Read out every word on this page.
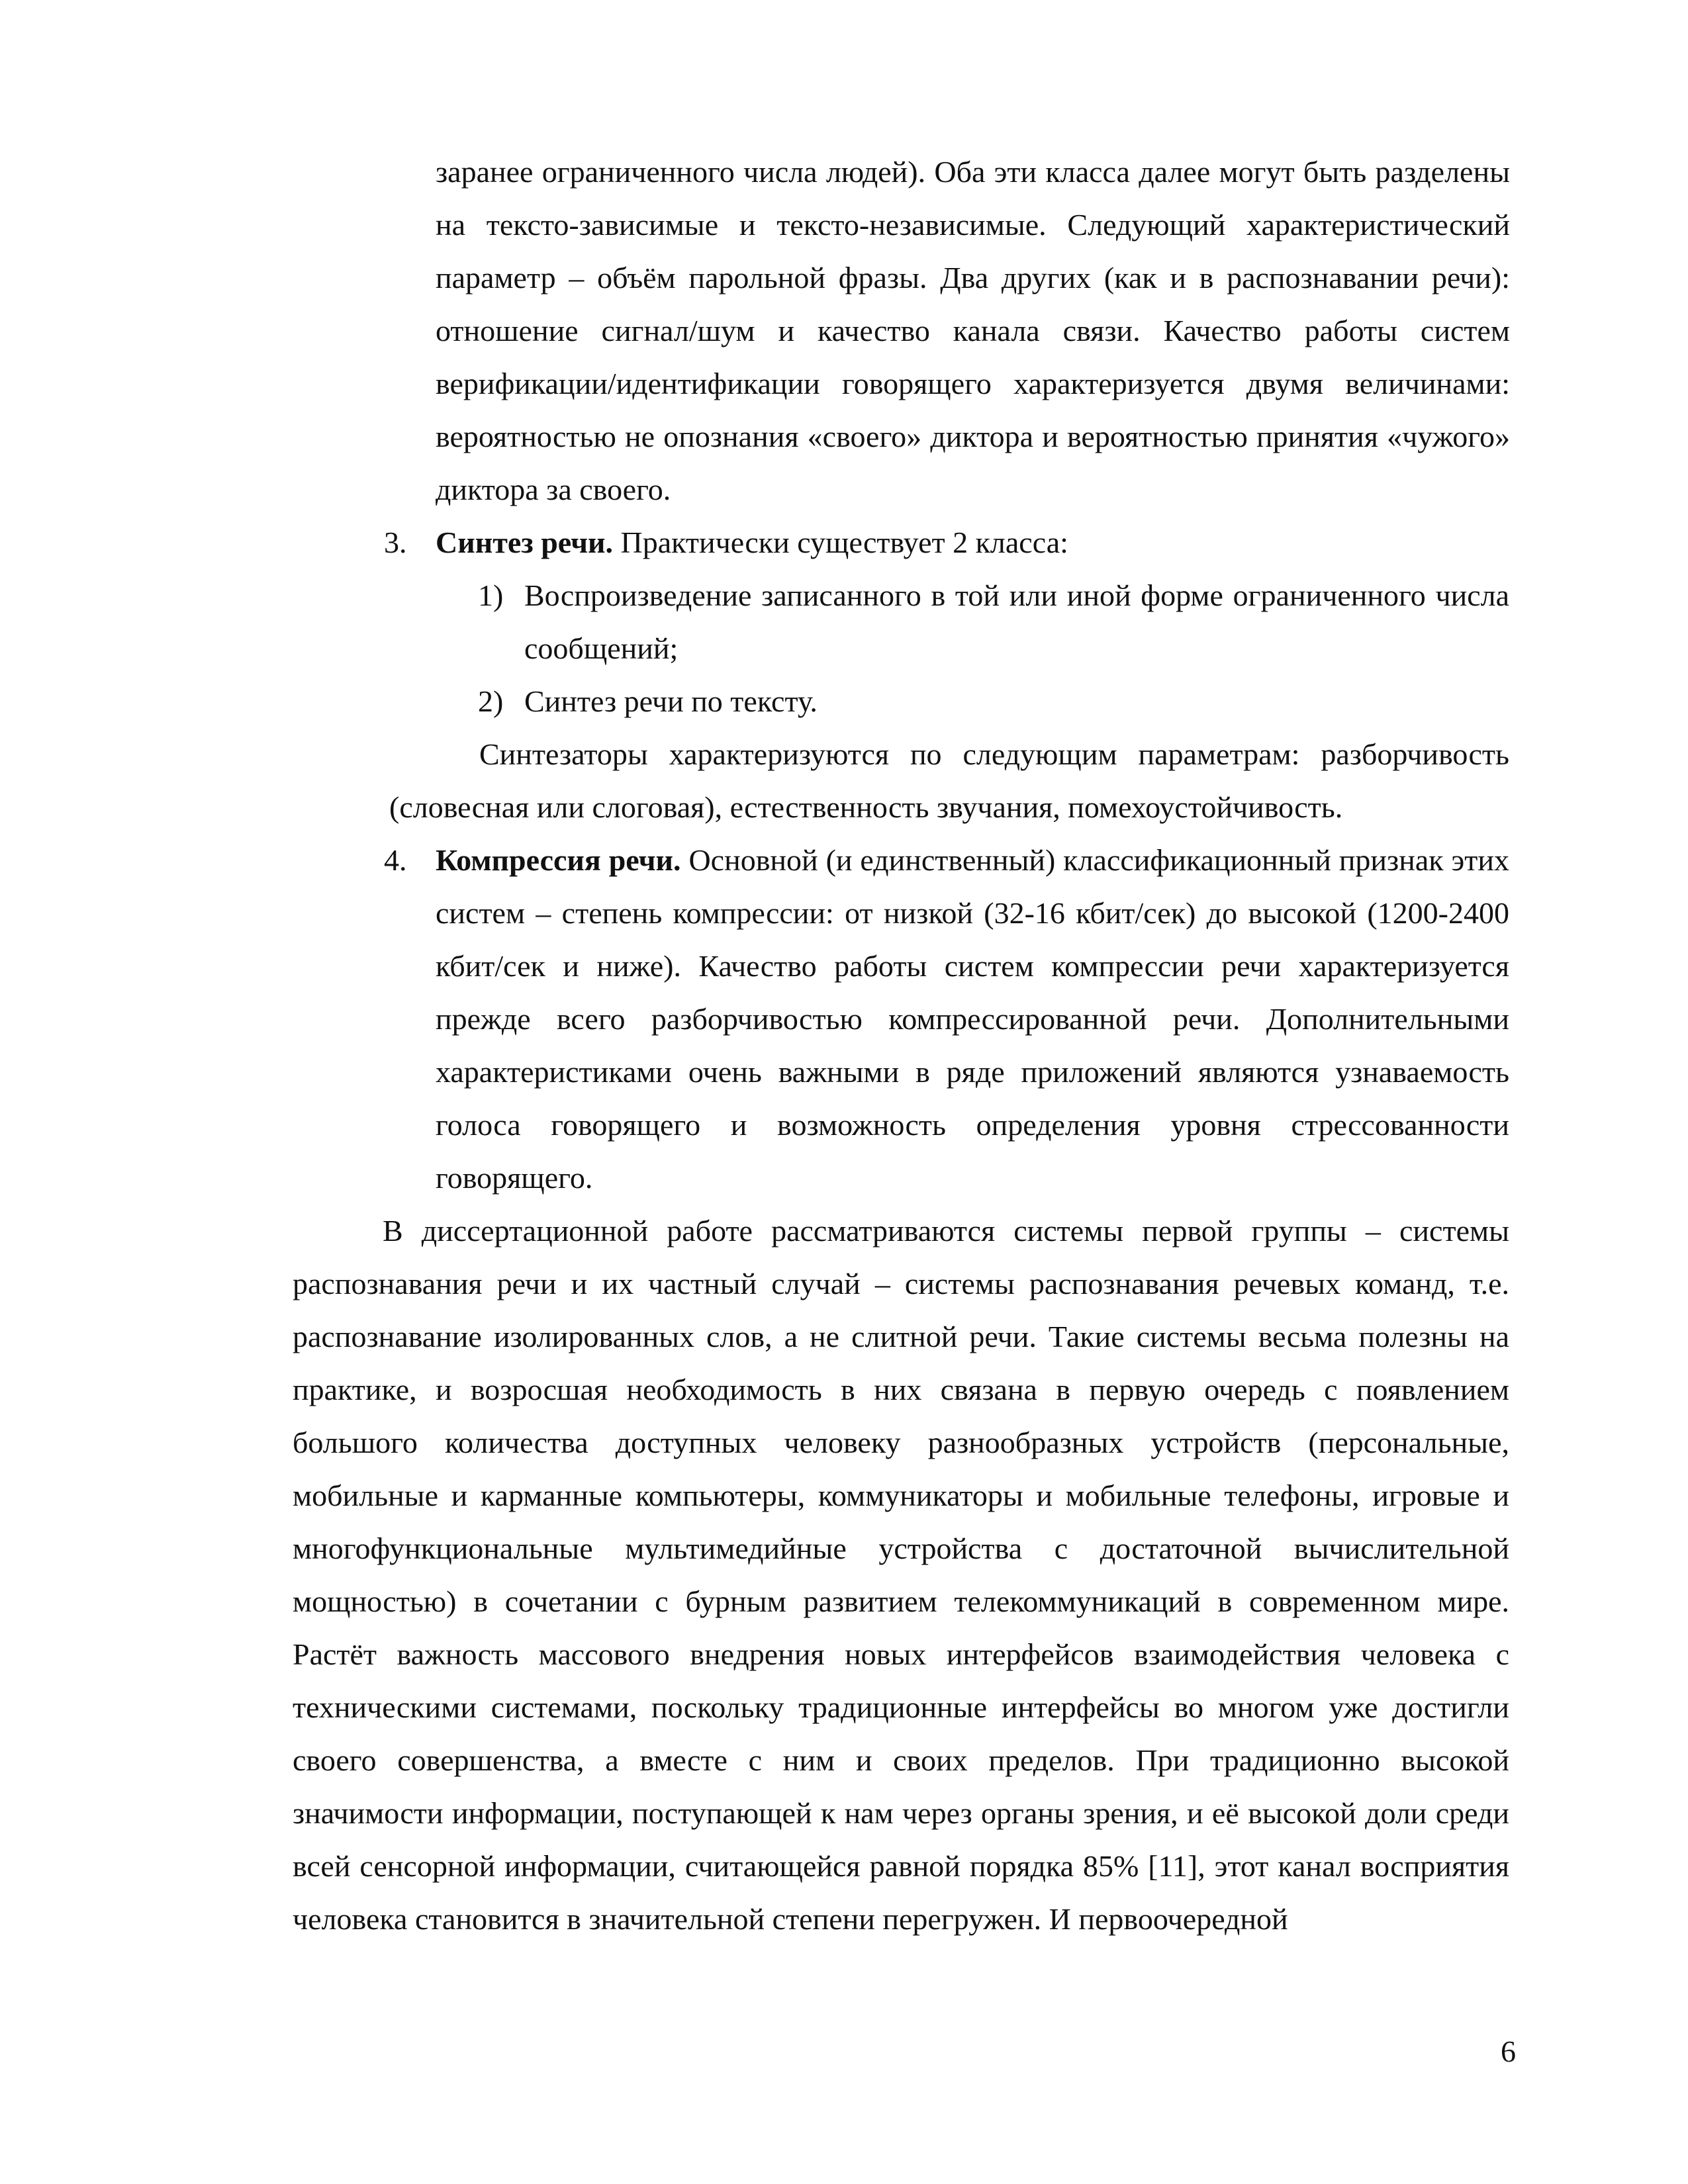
заранее ограниченного числа людей). Оба эти класса далее могут быть разделены на тексто-зависимые и тексто-независимые. Следующий характеристический параметр – объём парольной фразы. Два других (как и в распознавании речи): отношение сигнал/шум и качество канала связи. Качество работы систем верификации/идентификации говорящего характеризуется двумя величинами: вероятностью не опознания «своего» диктора и вероятностью принятия «чужого» диктора за своего.

3. Синтез речи. Практически существует 2 класса:
1) Воспроизведение записанного в той или иной форме ограниченного числа сообщений;
2) Синтез речи по тексту.

Синтезаторы характеризуются по следующим параметрам: разборчивость (словесная или слоговая), естественность звучания, помехоустойчивость.

4. Компрессия речи. Основной (и единственный) классификационный признак этих систем – степень компрессии: от низкой (32-16 кбит/сек) до высокой (1200-2400 кбит/сек и ниже). Качество работы систем компрессии речи характеризуется прежде всего разборчивостью компрессированной речи. Дополнительными характеристиками очень важными в ряде приложений являются узнаваемость голоса говорящего и возможность определения уровня стрессованности говорящего.

В диссертационной работе рассматриваются системы первой группы – системы распознавания речи и их частный случай – системы распознавания речевых команд, т.е. распознавание изолированных слов, а не слитной речи. Такие системы весьма полезны на практике, и возросшая необходимость в них связана в первую очередь с появлением большого количества доступных человеку разнообразных устройств (персональные, мобильные и карманные компьютеры, коммуникаторы и мобильные телефоны, игровые и многофункциональные мультимедийные устройства с достаточной вычислительной мощностью) в сочетании с бурным развитием телекоммуникаций в современном мире. Растёт важность массового внедрения новых интерфейсов взаимодействия человека с техническими системами, поскольку традиционные интерфейсы во многом уже достигли своего совершенства, а вместе с ним и своих пределов. При традиционно высокой значимости информации, поступающей к нам через органы зрения, и её высокой доли среди всей сенсорной информации, считающейся равной порядка 85% [11], этот канал восприятия человека становится в значительной степени перегружен. И первоочередной

6
